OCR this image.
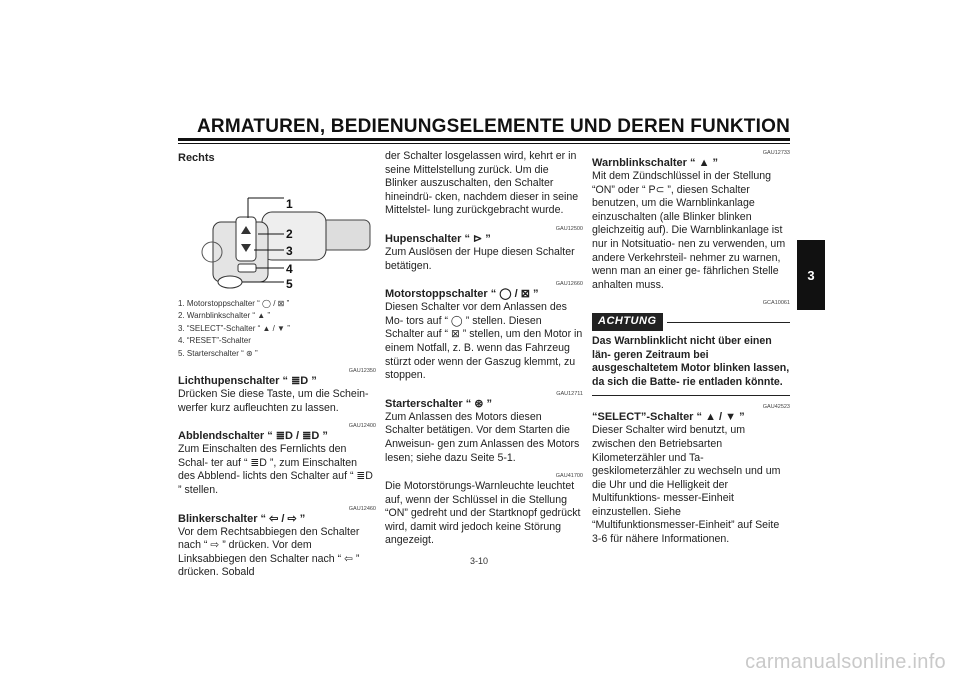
ARMATUREN, BEDIENUNGSELEMENTE UND DEREN FUNKTION
3
Rechts
1
2
3
4
5
1. Motorstoppschalter “ ◯ / ⊠ ”
2. Warnblinkschalter “ ▲ ”
3. “SELECT”-Schalter “ ▲ / ▼ ”
4. “RESET”-Schalter
5. Starterschalter “ ⊛ ”
GAU12350
Lichthupenschalter “ ≣D ”

Drücken Sie diese Taste, um die Schein- werfer kurz aufleuchten zu lassen.

GAU12400
Abblendschalter “ ≣D / ≣D ”

Zum Einschalten des Fernlichts den Schal- ter auf “ ≣D ”, zum Einschalten des Abblend- lichts den Schalter auf “ ≣D ” stellen.

GAU12460
Blinkerschalter “ ⇦ / ⇨ ”

Vor dem Rechtsabbiegen den Schalter nach “ ⇨ ” drücken. Vor dem Linksabbiegen den Schalter nach “ ⇦ ” drücken. Sobald

der Schalter losgelassen wird, kehrt er in seine Mittelstellung zurück. Um die Blinker auszuschalten, den Schalter hineindrü- cken, nachdem dieser in seine Mittelstel- lung zurückgebracht wurde.

GAU12500
Hupenschalter “ ⊳ ”

Zum Auslösen der Hupe diesen Schalter betätigen.

GAU12660
Motorstoppschalter “ ◯ / ⊠ ”

Diesen Schalter vor dem Anlassen des Mo- tors auf “ ◯ ” stellen. Diesen Schalter auf “ ⊠ ” stellen, um den Motor in einem Notfall, z. B. wenn das Fahrzeug stürzt oder wenn der Gaszug klemmt, zu stoppen.

GAU12711
Starterschalter “ ⊛ ”

Zum Anlassen des Motors diesen Schalter betätigen. Vor dem Starten die Anweisun- gen zum Anlassen des Motors lesen; siehe dazu Seite 5-1.

GAU41700

Die Motorstörungs-Warnleuchte leuchtet auf, wenn der Schlüssel in die Stellung “ON” gedreht und der Startknopf gedrückt wird, damit wird jedoch keine Störung angezeigt.

GAU12733
Warnblinkschalter “ ▲ ”

Mit dem Zündschlüssel in der Stellung “ON” oder “ P⊂ ”, diesen Schalter benutzen, um die Warnblinkanlage einzuschalten (alle Blinker blinken gleichzeitig auf). Die Warnblinkanlage ist nur in Notsituatio- nen zu verwenden, um andere Verkehrsteil- nehmer zu warnen, wenn man an einer ge- fährlichen Stelle anhalten muss.

GCA10061
ACHTUNG
Das Warnblinklicht nicht über einen län- geren Zeitraum bei ausgeschaltetem Motor blinken lassen, da sich die Batte- rie entladen könnte.
GAU42523
“SELECT”-Schalter “ ▲ / ▼ ”

Dieser Schalter wird benutzt, um zwischen den Betriebsarten Kilometerzähler und Ta- geskilometerzähler zu wechseln und um die Uhr und die Helligkeit der Multifunktions- messer-Einheit einzustellen. Siehe “Multifunktionsmesser-Einheit” auf Seite 3-6 für nähere Informationen.

3-10
carmanualsonline.info
